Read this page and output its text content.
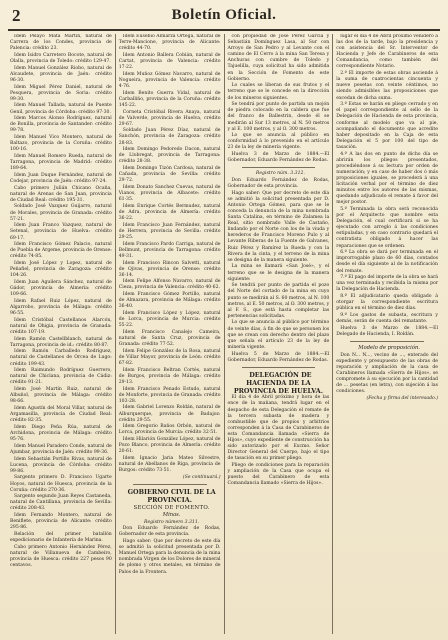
2	Boletín Oficial.

Idem Pelayo Mata Martín, natural de Carrera de los Condes, provincia de Palencia: crédito 23.

Idem Isidro Carretero Bocote, natural de Olalla, provincia de Toledo: crédito 129·47.

Idem Manuel González Riobo, natural de Alcaudete, provincia de Jaén: crédito 96·30.

Idem Miguel Pérez Daniel, natural de Pesquera, provincia de Soria: crédito 99·30.

Idem Manuel Tallada, natural de Puente Genil, provincia de Córdoba: crédito 97·30.

Idem Marcos Alonso Rodríguez, natural de Bonilla, provincia de Santander: crédito 99·78.

Idem Manuel Vico Montero, natural de Baltazo, provincia de la Coruña: crédito 100·16.

Idem Manuel Romero Rueda, natural de Tarragona, provincia de Madrid: crédito 189·64.

Idem Juan Duque Fernández, natural de Codejar, provincia de Jaén: crédito 97·24.

Cabo primero Julián Chicano Ocaña, natural de Arenas de San Juan, provincia de Ciudad Real: crédito 195·31.

Soldado José Vazquez Guijarro, natural de Morales, provincia de Granada: crédito 57·21.

Idem Juan Franco Vazquez, natural de Setenal, provincia de Huelva: crédito 69·17.

Idem Francisco Gómez Palacio, natural de Puebla de Argeme, provincia de Orense: crédito 74·85.

Idem José López y Lopez, natural de Peñafiel, provincia de Zaragoza: crédito 104·26.

Idem Juan Aguilera Sánchez, natural de Gádor, provincia de Almería: crédito 109·66.

Idem Rafael Ruiz López, natural de Algarrobo, provincia de Málaga: crédito 96·55.

Idem Cristóbal Castellanos Alarcón, natural de Ohigia, provincia de Granada: crédito 107·19.

Idem Ramón Castellblanch, natural de Tarragona, provincia de id.: crédito 80·87.

Idem Ramón Carballedo Rodríguez, natural de Castellanos de Orcea de Lugo: crédito 199·43.

Idem Raimundo Rodríguez Guerrero, natural de Chiclana, provincia de Cádiz: crédito 91·21.

Idem José Martín Ruiz, natural de Albuñol, provincia de Málaga: crédito 98·66.

Idem Agustín del Moral Villar, natural de Argamasilla, provincia de Ciudad Real: crédito 82·35.

Idem Diego Peña Rúa, natural de Archidona, provincia de Málaga: crédito 95·76.

Idem Manuel Paradero Conde, natural de Ajumbar, provincia de Jaén: crédito 99·36.

Idem Sebastián Portillo Rivas, natural de Lucena, provincia de Córdoba: crédito 99·86.

Sargento primero D. Francisco Ugarte Hoyos, natural de Huesca, provincia de la Coruña: crédito 270·36.

Sargento segundo Juan Reyes Castaneda, natural de Cantillana, provincia de Sevilla: crédito 208·43.

Idem Fernando Montero, natural de Beniflete, provincia de Alicante: crédito 295·86.

Relación del primer batallón expedicionario de Infantería de Marina.

Cabo primero Antonio Hernández Pérez, natural de Villanueva de Cambeiro, provincia de Huesca: crédito 227 pesos 90 centavos.

Idem Eusebio Almarza Ortega, natural de Terre-Mancione, provincia de Alicante: crédito 44·70.

Idem Antonio Ballera Cobián, natural de Cartat, provincia de Valencia: crédito 17·22.

Idem Muñoz Gómez Navarro, natural de Nogueira, provincia de Valencia: crédito 4·76.

Idem Benito Guerra Vidal, natural de Carballiño, provincia de la Coruña: crédito 145·22.

Corneta Cristóbal Rivera Anaya, natural de Valverde, provincia de Huelva, crédito 29·67.

Soldado Juan Pérez Díaz, natural de Sanchón, provincia de Zaragoza: crédito 28·83.

Idem Domingo Pedoredo Dacon, natural de Llobregat, provincia de Tarragona: crédito 28·38.

Idem Domingo Tizón Cardosa, natural de Cañada, provincia de Sevilla: crédito 29·72.

Idem Donato Sanchez Cuevas, natural de Vianos, provincia de Albacete: crédito 61·35.

Idem Enrique Cortés Bermudez, natural de Adra, provincia de Almería: crédito 36·22.

Idem Francisco Juan Fernández, natural de Herrera, provincia de Sevilla: crédito 29·25.

Idem Francisco Pardo Carriga, natural de Bellmunt, provincia de Tarragona: crédito 49·31.

Idem Francisco Rincon Salvetti, natural de Ojivas, provincia de Orense: crédito 36·14.

Idem Felipe Alfonso Navarro, natural de Cieza, provincia de Valencia: crédito 40·62.

Idem Francisco Gómez Portillo, natural de Almazara, provincia de Málaga: crédito 36·40.

Idem Francisco López y López, natural de Lorca, provincia de Murcia: crédito 55·22.

Idem Francisco Canalejo Cameira, natural de Santa Cruz, provincia de Granada: crédito 77·52.

Idem Felipe González de la Rosa, natural de Villar Mayor, provincia de León: crédito 67·82.

Idem Francisco Beltran Cortés, natural de Burgos, provincia de Málaga: crédito 29·13.

Idem Francisco Penado Estudo, natural de Monforte, provincia de Granada: crédito 103·28.

Idem Gabriel Lorenzo Roldán, natural de Alburquerque, provincia de Badajoz: crédito 29·55.

Idem Gregorio Baños Orbón, natural de Lorca, provincia de Murcia: crédito 32·51.

Idem Hilarión González López, natural de Pozo Blanco, provincia de Almería: crédito 20·61.

Idem Ignacio Jaria Mateo Silvestre, natural de Abellanos de Riga, provincia de Burgos: crédito 73·51.

(Se continuará.)

GOBIERNO CIVIL DE LA PROVINCIA.

SECCIÓN DE FOMENTO.

Minas.

Registro número 3.311.

Don Eduardo Fernández de Rodas, Gobernador de esta provincia.

Hago saber: Que por decreto de este día se admitió la solicitud presentada por D. Manuel Ortega para la denuncia de la mina nombrada Virgen de los Dolores de mineral de plomo y otros metales, en término de Palos de la Frontera.

con propiedad de José Pérez Garcia y Sebastián Domínguez Lasa, al Sur con Arroyo de San Pedro y al Levante con el camino de El Cerro á la mina San Teresa y Anchuras con cumbre de Toledo y Tajuelilla, cuya solicitud ha sido admitida en la Sección de Fomento de este Gobierno.

Lo cuales se liberan de sus frutos y el terreno que se le concede en la dirección de los mineros siguientes.

Se tendrá por punto de partida un mojón de piedra colocado en la caldera que fue del franco de Ballestrin, desde él se medirán al Sur 13 metros, al N. 50 metros y al E. 100 metros, y al O. 300 metros.

Lo que se anuncia al público en conformidad á lo prevenido en el artículo 23 de la ley de minería vigente.

Huelva 3 de Marzo de 1884.—El Gobernador, Eduardo Fernández de Rodas.

Registro núm. 3.312.

Don Eduardo Fernández de Rodas, Gobernador de esta provincia.

Hago saber: Que por decreto de este día se admitió la solicitud presentada por D. Antonio Ortega Gómez, para que se le conceda la denuncia de la mina nombrada Santa Catalina, en término de Zalamea la Real, sitio nombrado Valle de Castaño, lindando por el Norte con los de la viuda y herederos de Francisco Moreno Pulo y al Levante Riberas de la Fuente de Galvanes, Ruiz Pérez y Ramírez la Rueda y con la Rivera de la cinta, y el terreno de la mina se designa de la manera siguiente.

La mina se llamará «San José», y el terreno que se le designa de la manera siguiente:

Se tendrá por punto de partida el pozo del Norte del cortado de la mina en cuyo punto se medirán al S. 60 metros, al N. 100 metros, al E. 50 metros, al O. 300 metros, y al F. S., que está hasta completar las pertenencias solicitadas.

Lo que se anuncia al público por término de veinte días, á fin de que se personen los que se crean con derecho dentro del plazo que señala el artículo 23 de la ley de minería vigente.

Huelva 5 de Marzo de 1884.—El Gobernador, Eduardo Fernández de Rodas.

DELEGACIÓN DE HACIENDA DE LA PROVINCIA DE HUELVA.

El día 4 de Abril próximo y hora de las once de la mañana, tendrá lugar en el despacho de esta Delegación el remate de la tercera subasta de madera y combustible que de propios y arbitrios corresponden á la Casa de Carabineros de esta Comandancia llamada «Sierra de Hijos», cuyo expediente de construcción ha sido autorizado por el Excmo. Señor Director General del Cuerpo, bajo el tipo de tasación en su primer pliego.

Pliego de condiciones para la reparación y ampliación de la Casa que ocupa el puesto del Carabinero de esta Comandancia llamado «Sierra de Hijos».

lugar el día 4 de Abril próximo venidero á las dos de la tarde, bajo la presidencia y con asistencia del Sr. Interventor de Hacienda y Jefe de Carabineros de esta Comandancia, como también del correspondiente Notario.

2.º El importe de estas obras asciende á la suma de cuatrocientas cincuenta y nueve pesetas con veinte céntimos, no siendo admisibles las proposiciones que excedan de dicha suma.

3.º Estas se harán en pliego cerrado y en el papel correspondiente al sello de la Delegación de Hacienda de esta provincia, conforme al modelo que va al pie, acompañando el documento que acredite haber depositado en la Caja de esta Delegación el 5 por 100 del tipo de tasación.

4.º A las dos en punto de dicho día se abrirán los pliegos presentados, procediéndose á su lectura por orden de numeración; y en caso de haber dos ó más proposiciones iguales, se procederá á una licitación verbal por el término de diez minutos entre los autores de las mismas, quedando adjudicado el remate á favor del mejor postor.

5.º Terminada la obra será reconocida por el Arquitecto que nombre esta Delegación, el cual certificará si se ha ejecutado con arreglo á las condiciones estipuladas, y en caso contrario quedará el contratista obligado á hacer las reparaciones que se ordenen.

6.º La obra se dará por terminada en el improrrogable plazo de 60 días, contados desde el día siguiente al de la notificación del remate.

7.º El pago del importe de la obra se hará una vez terminada y recibida la misma por la Delegación de Hacienda.

8.º El adjudicatario queda obligado á otorgar la correspondiente escritura pública en el término de diez días.

9.º Los gastos de subasta, escritura y demás, serán de cuenta del rematante.

Huelva 3 de Marzo de 1884.—El Delegado de Hacienda, I. Roldán.

Modelo de proposición.

Don N... N..., vecino de ..., enterado del expediente y presupuesto de las obras de reparación y ampliación de la casa de Carabineros llamada «Sierra de Hijos», se compromete á su ejecución por la cantidad de ... pesetas (en letra), con sujeción á las condiciones.

(Fecha y firma del interesado.)
